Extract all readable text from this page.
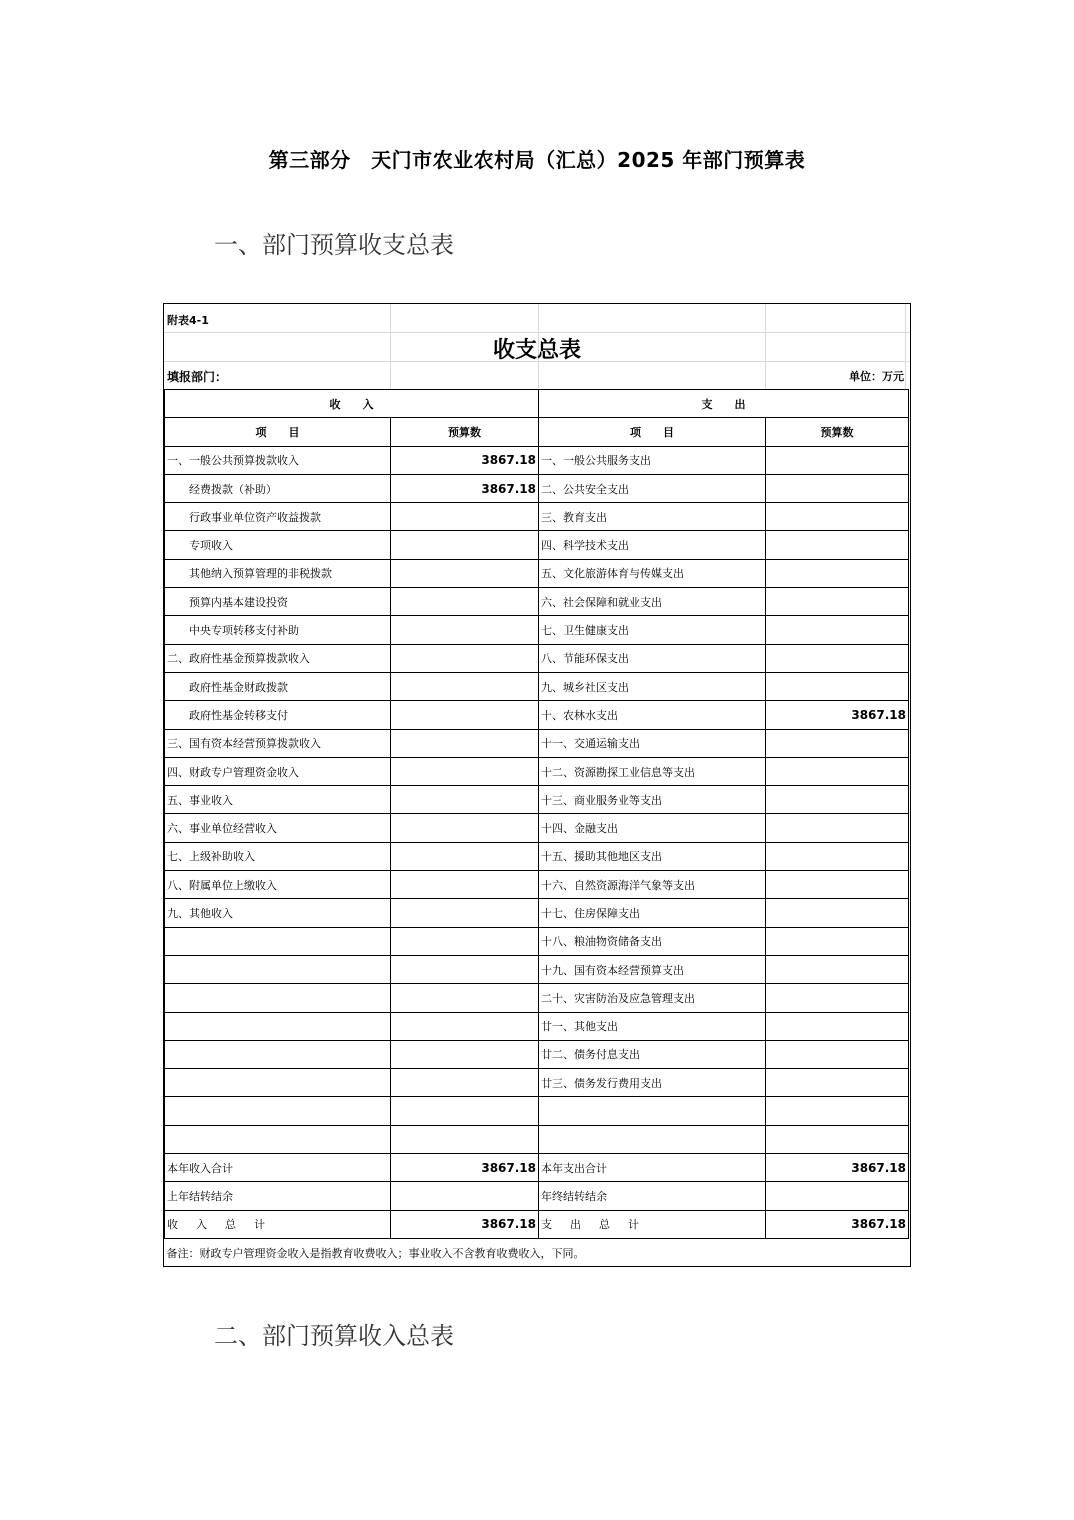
第三部分　天门市农业农村局（汇总）2025 年部门预算表
一、部门预算收支总表
附表4-1
收支总表
填报部门：	单位：万元
收　　入		支　　出	
项　　目	预算数	项　　目	预算数
一、一般公共预算拨款收入	3867.18	一、一般公共服务支出	
经费拨款（补助）	3867.18	二、公共安全支出	
行政事业单位资产收益拨款		三、教育支出	
专项收入		四、科学技术支出	
其他纳入预算管理的非税拨款		五、文化旅游体育与传媒支出	
预算内基本建设投资		六、社会保障和就业支出	
中央专项转移支付补助		七、卫生健康支出	
二、政府性基金预算拨款收入		八、节能环保支出	
政府性基金财政拨款		九、城乡社区支出	
政府性基金转移支付		十、农林水支出	3867.18
三、国有资本经营预算拨款收入		十一、交通运输支出	
四、财政专户管理资金收入		十二、资源勘探工业信息等支出	
五、事业收入		十三、商业服务业等支出	
六、事业单位经营收入		十四、金融支出	
七、上级补助收入		十五、援助其他地区支出	
八、附属单位上缴收入		十六、自然资源海洋气象等支出	
九、其他收入		十七、住房保障支出	
		十八、粮油物资储备支出	
		十九、国有资本经营预算支出	
		二十、灾害防治及应急管理支出	
		廿一、其他支出	
		廿二、债务付息支出	
		廿三、债务发行费用支出	

本年收入合计	3867.18	本年支出合计	3867.18
上年结转结余		年终结转结余	
收入总计	3867.18	支出总计	3867.18
备注：财政专户管理资金收入是指教育收费收入；事业收入不含教育收费收入，下同。			
二、部门预算收入总表
